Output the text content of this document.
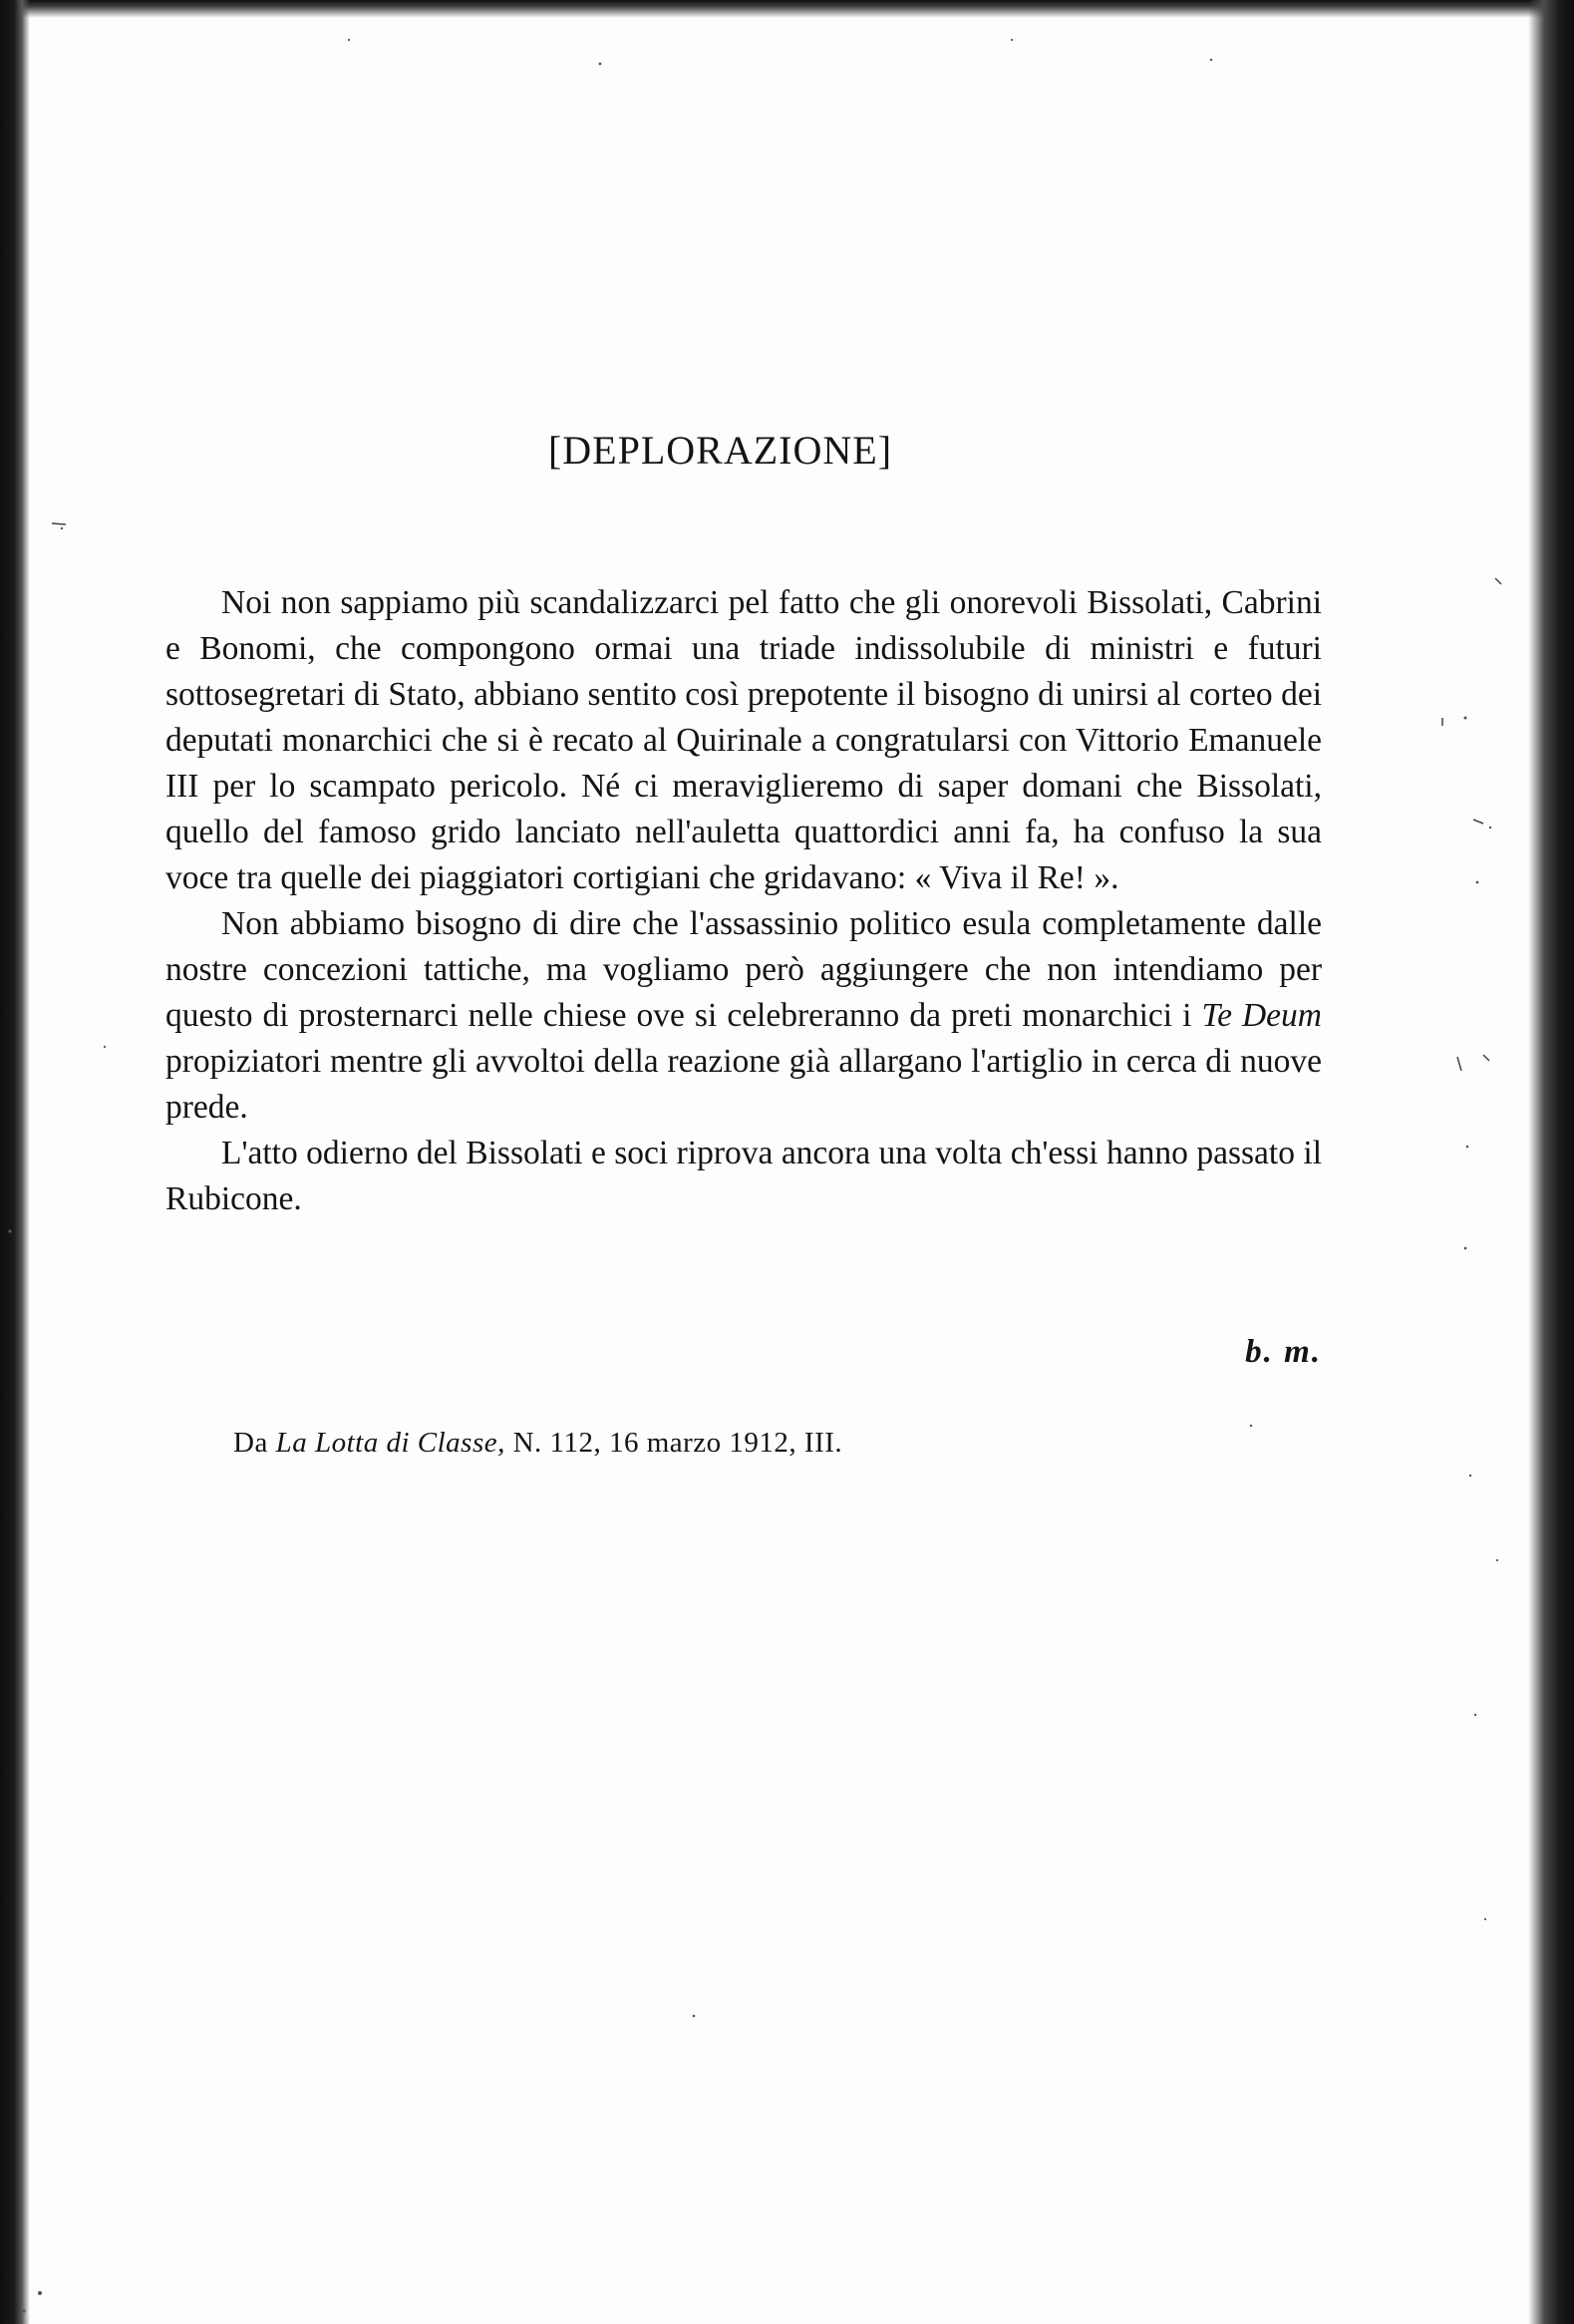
[DEPLORAZIONE]

Noi non sappiamo più scandalizzarci pel fatto che gli onorevoli Bissolati, Cabrini e Bonomi, che compongono ormai una triade indissolubile di ministri e futuri sottosegretari di Stato, abbiano sentito così prepotente il bisogno di unirsi al corteo dei deputati monarchici che si è recato al Quirinale a congratularsi con Vittorio Emanuele III per lo scampato pericolo. Né ci meraviglieremo di saper domani che Bissolati, quello del famoso grido lanciato nell'auletta quattordici anni fa, ha confuso la sua voce tra quelle dei piaggiatori cortigiani che gridavano: « Viva il Re! ».

Non abbiamo bisogno di dire che l'assassinio politico esula completamente dalle nostre concezioni tattiche, ma vogliamo però aggiungere che non intendiamo per questo di prosternarci nelle chiese ove si celebreranno da preti monarchici i Te Deum propiziatori mentre gli avvoltoi della reazione già allargano l'artiglio in cerca di nuove prede.

L'atto odierno del Bissolati e soci riprova ancora una volta ch'essi hanno passato il Rubicone.

b. m.
Da La Lotta di Classe, N. 112, 16 marzo 1912, III.
